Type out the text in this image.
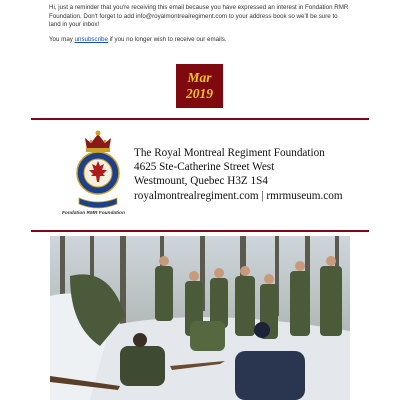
Hi, just a reminder that you're receiving this email because you have expressed an interest in Fondation RMR Foundation. Don't forget to add info@royalmontrealregiment.com to your address book so we'll be sure to land in your inbox!

You may unsubscribe if you no longer wish to receive our emails.

Mar
2019
Fondation RMR Foundation
The Royal Montreal Regiment Foundation
4625 Ste-Catherine Street West
Westmount, Quebec H3Z 1S4
royalmontrealregiment.com | rmrmuseum.com
